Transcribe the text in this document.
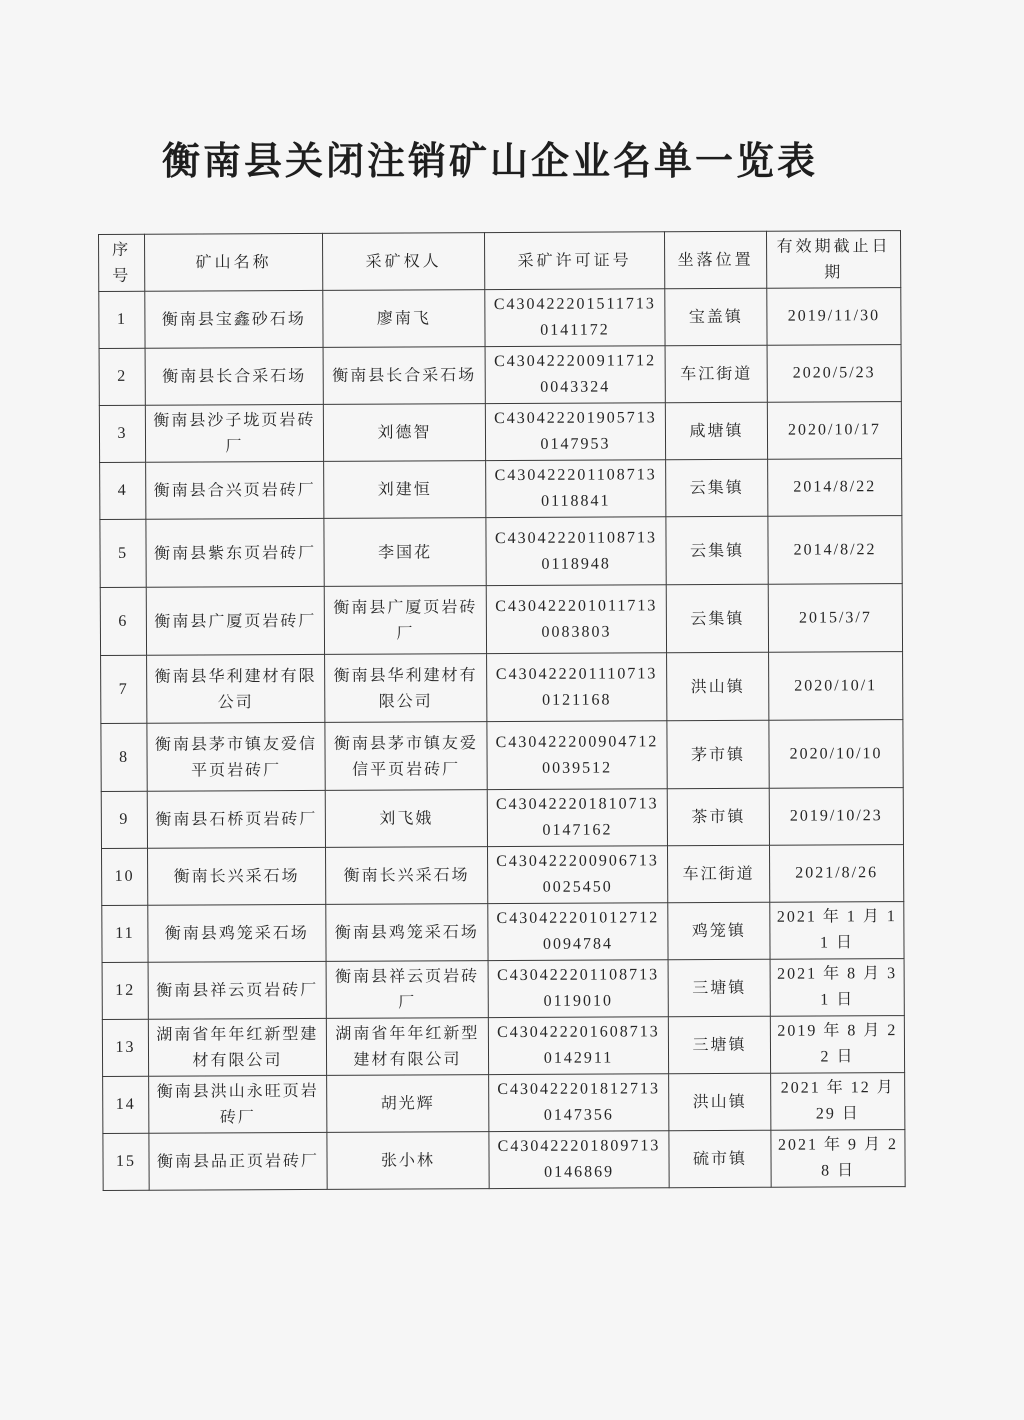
衡南县关闭注销矿山企业名单一览表
序号	矿山名称	采矿权人	采矿许可证号	坐落位置	有效期截止日期
1	衡南县宝鑫砂石场	廖南飞	C4304222015117130141172	宝盖镇	2019/11/30
2	衡南县长合采石场	衡南县长合采石场	C4304222009117120043324	车江街道	2020/5/23
3	衡南县沙子垅页岩砖厂	刘德智	C4304222019057130147953	咸塘镇	2020/10/17
4	衡南县合兴页岩砖厂	刘建恒	C4304222011087130118841	云集镇	2014/8/22
5	衡南县紫东页岩砖厂	李国花	C4304222011087130118948	云集镇	2014/8/22
6	衡南县广厦页岩砖厂	衡南县广厦页岩砖厂	C4304222010117130083803	云集镇	2015/3/7
7	衡南县华利建材有限公司	衡南县华利建材有限公司	C4304222011107130121168	洪山镇	2020/10/1
8	衡南县茅市镇友爱信平页岩砖厂	衡南县茅市镇友爱信平页岩砖厂	C4304222009047120039512	茅市镇	2020/10/10
9	衡南县石桥页岩砖厂	刘飞娥	C4304222018107130147162	茶市镇	2019/10/23
10	衡南长兴采石场	衡南长兴采石场	C4304222009067130025450	车江街道	2021/8/26
11	衡南县鸡笼采石场	衡南县鸡笼采石场	C4304222010127120094784	鸡笼镇	2021 年 1 月 11 日
12	衡南县祥云页岩砖厂	衡南县祥云页岩砖厂	C4304222011087130119010	三塘镇	2021 年 8 月 31 日
13	湖南省年年红新型建材有限公司	湖南省年年红新型建材有限公司	C4304222016087130142911	三塘镇	2019 年 8 月 22 日
14	衡南县洪山永旺页岩砖厂	胡光辉	C4304222018127130147356	洪山镇	2021 年 12 月 29 日
15	衡南县品正页岩砖厂	张小林	C4304222018097130146869	硫市镇	2021 年 9 月 28 日
